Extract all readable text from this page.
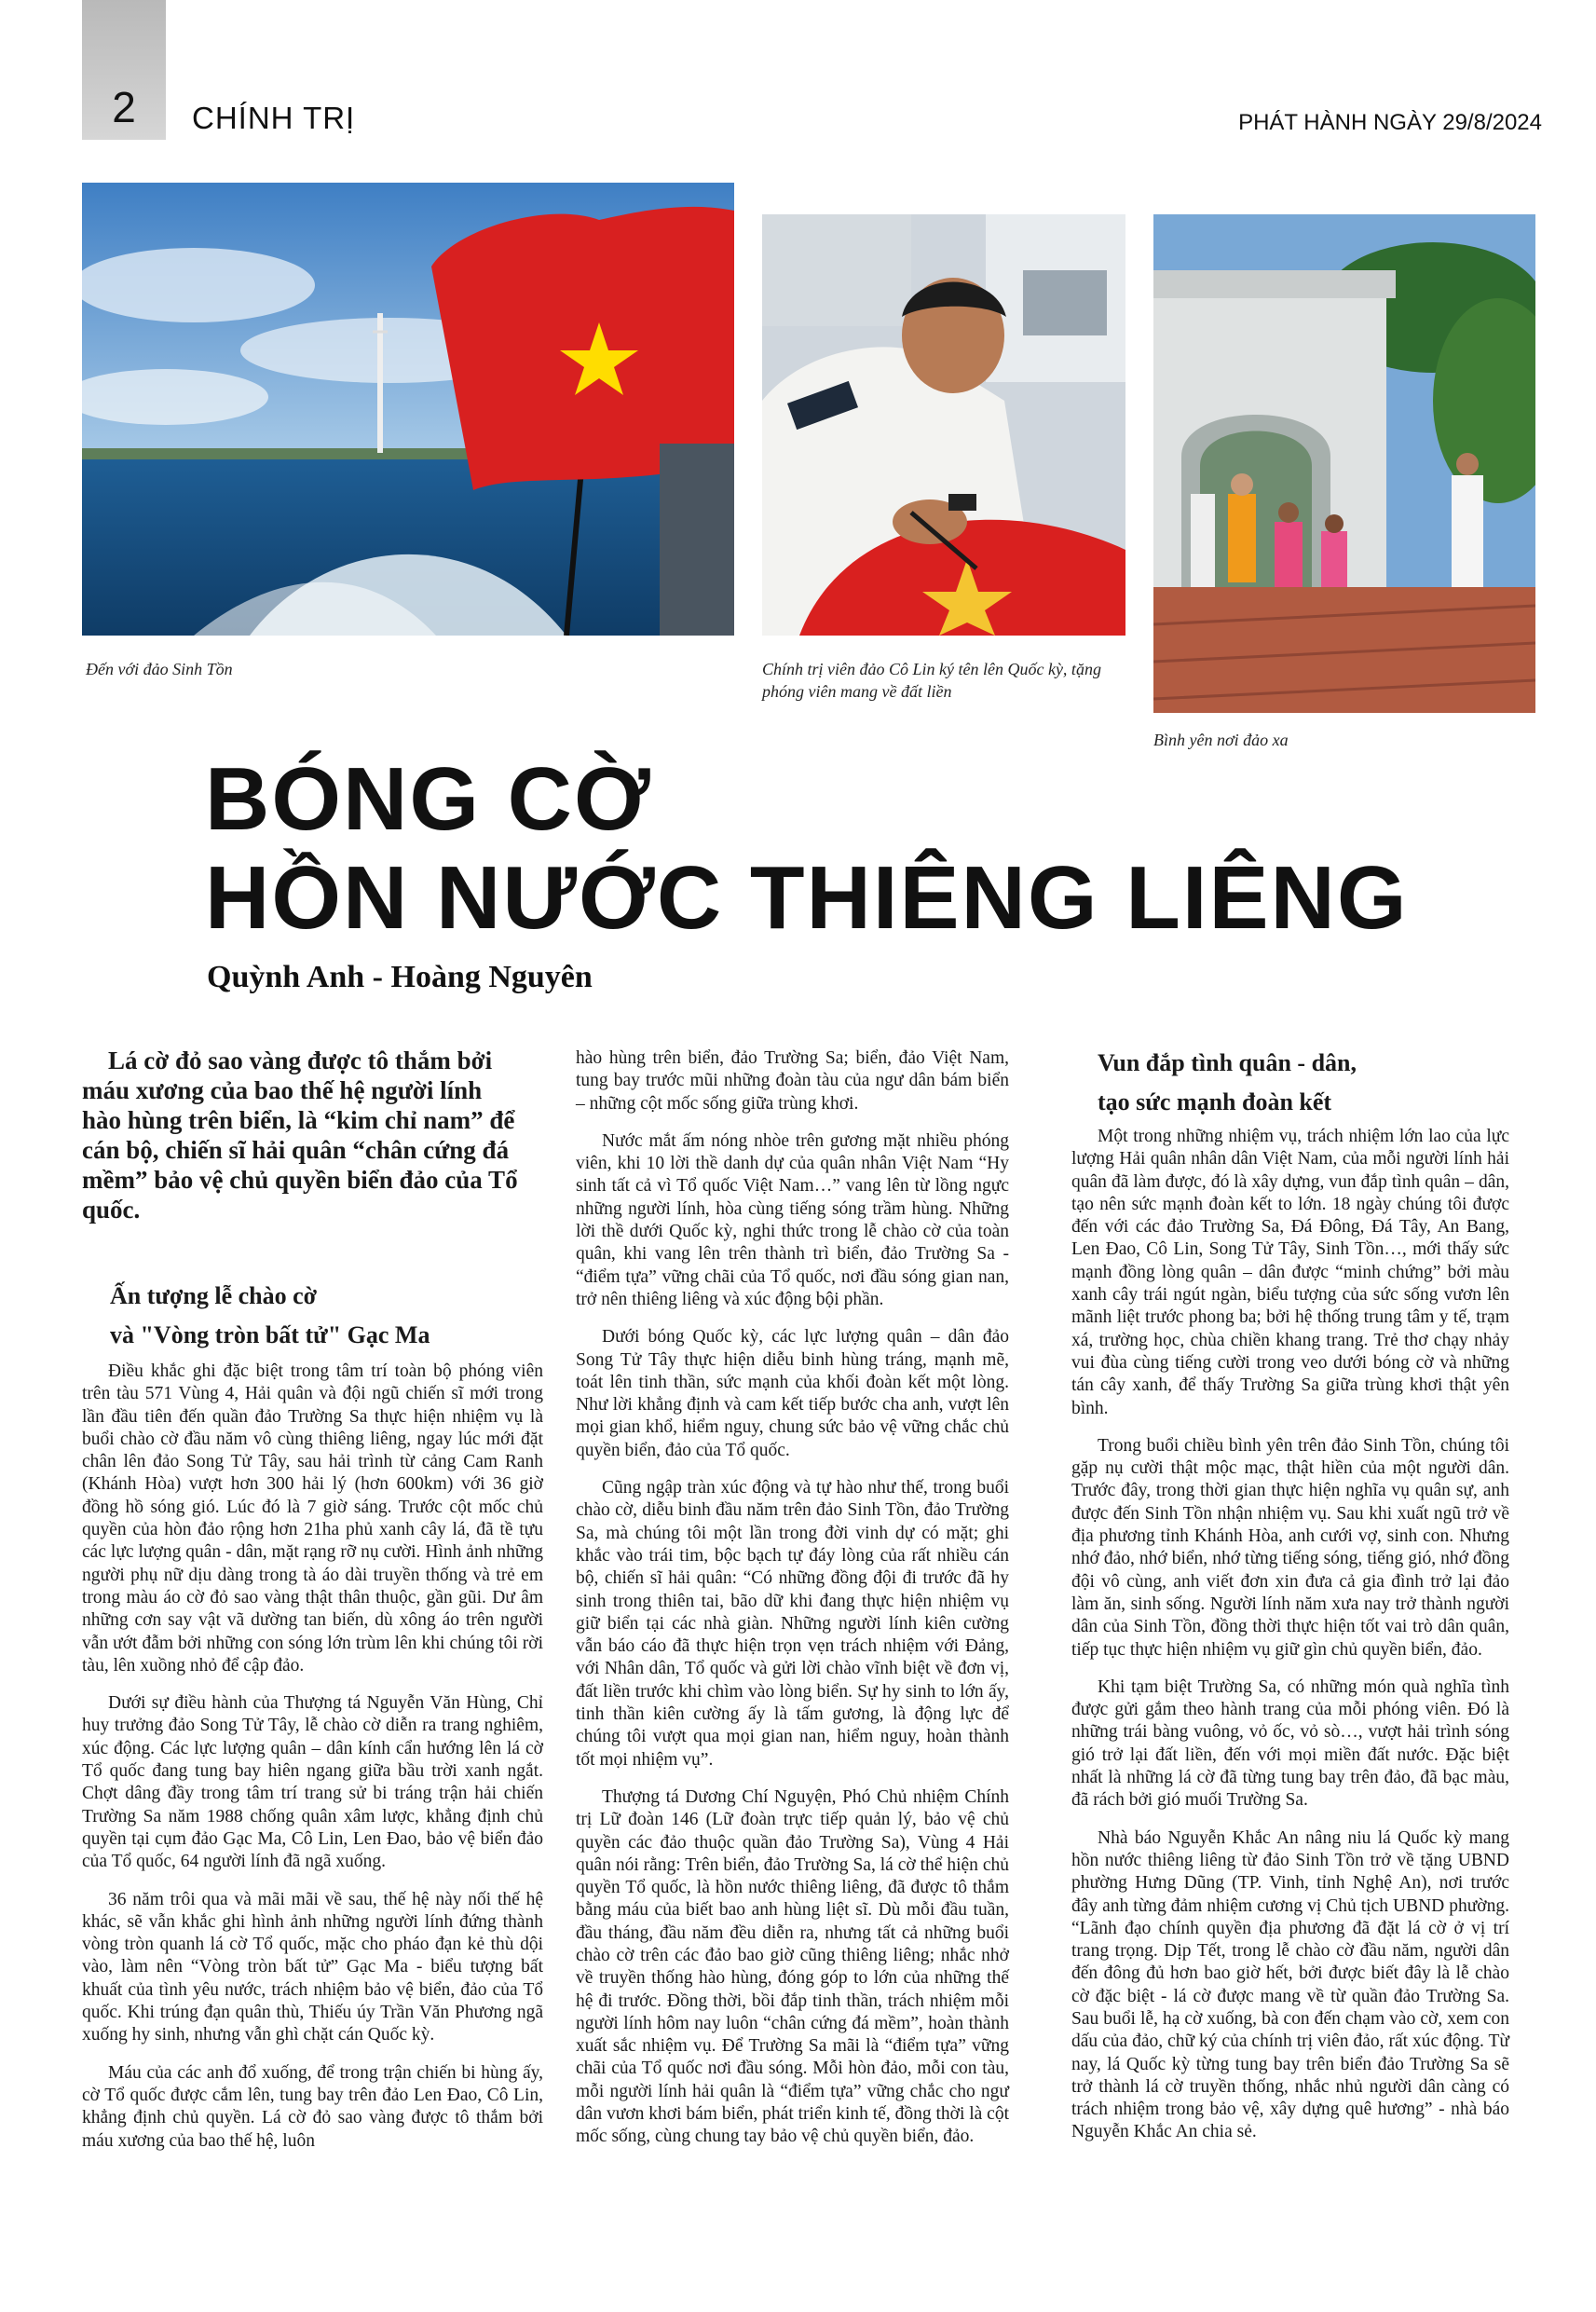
2	CHÍNH TRỊ	PHÁT HÀNH NGÀY 29/8/2024
Đến với đảo Sinh Tồn	Chính trị viên đảo Cô Lin ký tên lên Quốc kỳ, tặng phóng viên mang về đất liền
Bình yên nơi đảo xa
BÓNG CỜ
HỒN NƯỚC THIÊNG LIÊNG
Quỳnh Anh - Hoàng Nguyên

Lá cờ đỏ sao vàng được tô thắm bởi máu xương của bao thế hệ người lính hào hùng trên biển, là “kim chỉ nam” để cán bộ, chiến sĩ hải quân “chân cứng đá mềm” bảo vệ chủ quyền biển đảo của Tổ quốc.

Ấn tượng lễ chào cờ
và "Vòng tròn bất tử" Gạc Ma

Điều khắc ghi đặc biệt trong tâm trí toàn bộ phóng viên trên tàu 571 Vùng 4, Hải quân và đội ngũ chiến sĩ mới trong lần đầu tiên đến quần đảo Trường Sa thực hiện nhiệm vụ là buổi chào cờ đầu năm vô cùng thiêng liêng, ngay lúc mới đặt chân lên đảo Song Tử Tây, sau hải trình từ cảng Cam Ranh (Khánh Hòa) vượt hơn 300 hải lý (hơn 600km) với 36 giờ đồng hồ sóng gió. Lúc đó là 7 giờ sáng. Trước cột mốc chủ quyền của hòn đảo rộng hơn 21ha phủ xanh cây lá, đã tề tựu các lực lượng quân - dân, mặt rạng rỡ nụ cười. Hình ảnh những người phụ nữ dịu dàng trong tà áo dài truyền thống và trẻ em trong màu áo cờ đỏ sao vàng thật thân thuộc, gần gũi. Dư âm những cơn say vật vã dường tan biến, dù xông áo trên người vẫn ướt đẫm bởi những con sóng lớn trùm lên khi chúng tôi rời tàu, lên xuồng nhỏ để cập đảo.

Dưới sự điều hành của Thượng tá Nguyễn Văn Hùng, Chỉ huy trưởng đảo Song Tử Tây, lễ chào cờ diễn ra trang nghiêm, xúc động. Các lực lượng quân – dân kính cẩn hướng lên lá cờ Tổ quốc đang tung bay hiên ngang giữa bầu trời xanh ngắt. Chợt dâng đầy trong tâm trí trang sử bi tráng trận hải chiến Trường Sa năm 1988 chống quân xâm lược, khẳng định chủ quyền tại cụm đảo Gạc Ma, Cô Lin, Len Đao, bảo vệ biển đảo của Tổ quốc, 64 người lính đã ngã xuống.

36 năm trôi qua và mãi mãi về sau, thế hệ này nối thế hệ khác, sẽ vẫn khắc ghi hình ảnh những người lính đứng thành vòng tròn quanh lá cờ Tổ quốc, mặc cho pháo đạn kẻ thù dội vào, làm nên “Vòng tròn bất tử” Gạc Ma - biểu tượng bất khuất của tình yêu nước, trách nhiệm bảo vệ biển, đảo của Tổ quốc. Khi trúng đạn quân thù, Thiếu úy Trần Văn Phương ngã xuống hy sinh, nhưng vẫn ghì chặt cán Quốc kỳ.

Máu của các anh đổ xuống, để trong trận chiến bi hùng ấy, cờ Tổ quốc được cắm lên, tung bay trên đảo Len Đao, Cô Lin, khẳng định chủ quyền. Lá cờ đỏ sao vàng được tô thắm bởi máu xương của bao thế hệ, luôn

hào hùng trên biển, đảo Trường Sa; biển, đảo Việt Nam, tung bay trước mũi những đoàn tàu của ngư dân bám biển – những cột mốc sống giữa trùng khơi.

Nước mắt ấm nóng nhòe trên gương mặt nhiều phóng viên, khi 10 lời thề danh dự của quân nhân Việt Nam “Hy sinh tất cả vì Tổ quốc Việt Nam…” vang lên từ lồng ngực những người lính, hòa cùng tiếng sóng trầm hùng. Những lời thề dưới Quốc kỳ, nghi thức trong lễ chào cờ của toàn quân, khi vang lên trên thành trì biển, đảo Trường Sa - “điểm tựa” vững chãi của Tổ quốc, nơi đầu sóng gian nan, trở nên thiêng liêng và xúc động bội phần.

Dưới bóng Quốc kỳ, các lực lượng quân – dân đảo Song Tử Tây thực hiện diễu binh hùng tráng, mạnh mẽ, toát lên tinh thần, sức mạnh của khối đoàn kết một lòng. Như lời khẳng định và cam kết tiếp bước cha anh, vượt lên mọi gian khổ, hiểm nguy, chung sức bảo vệ vững chắc chủ quyền biển, đảo của Tổ quốc.

Cũng ngập tràn xúc động và tự hào như thế, trong buổi chào cờ, diễu binh đầu năm trên đảo Sinh Tồn, đảo Trường Sa, mà chúng tôi một lần trong đời vinh dự có mặt; ghi khắc vào trái tim, bộc bạch tự đáy lòng của rất nhiều cán bộ, chiến sĩ hải quân: “Có những đồng đội đi trước đã hy sinh trong thiên tai, bão dữ khi đang thực hiện nhiệm vụ giữ biển tại các nhà giàn. Những người lính kiên cường vẫn báo cáo đã thực hiện trọn vẹn trách nhiệm với Đảng, với Nhân dân, Tổ quốc và gửi lời chào vĩnh biệt về đơn vị, đất liền trước khi chìm vào lòng biển. Sự hy sinh to lớn ấy, tinh thần kiên cường ấy là tấm gương, là động lực để chúng tôi vượt qua mọi gian nan, hiểm nguy, hoàn thành tốt mọi nhiệm vụ”.

Thượng tá Dương Chí Nguyện, Phó Chủ nhiệm Chính trị Lữ đoàn 146 (Lữ đoàn trực tiếp quản lý, bảo vệ chủ quyền các đảo thuộc quần đảo Trường Sa), Vùng 4 Hải quân nói rằng: Trên biển, đảo Trường Sa, lá cờ thể hiện chủ quyền Tổ quốc, là hồn nước thiêng liêng, đã được tô thắm bằng máu của biết bao anh hùng liệt sĩ. Dù mỗi đầu tuần, đầu tháng, đầu năm đều diễn ra, nhưng tất cả những buổi chào cờ trên các đảo bao giờ cũng thiêng liêng; nhắc nhở về truyền thống hào hùng, đóng góp to lớn của những thế hệ đi trước. Đồng thời, bồi đắp tinh thần, trách nhiệm mỗi người lính hôm nay luôn “chân cứng đá mềm”, hoàn thành xuất sắc nhiệm vụ. Để Trường Sa mãi là “điểm tựa” vững chãi của Tổ quốc nơi đầu sóng. Mỗi hòn đảo, mỗi con tàu, mỗi người lính hải quân là “điểm tựa” vững chắc cho ngư dân vươn khơi bám biển, phát triển kinh tế, đồng thời là cột mốc sống, cùng chung tay bảo vệ chủ quyền biển, đảo.

Vun đắp tình quân - dân,
tạo sức mạnh đoàn kết

Một trong những nhiệm vụ, trách nhiệm lớn lao của lực lượng Hải quân nhân dân Việt Nam, của mỗi người lính hải quân đã làm được, đó là xây dựng, vun đắp tình quân – dân, tạo nên sức mạnh đoàn kết to lớn. 18 ngày chúng tôi được đến với các đảo Trường Sa, Đá Đông, Đá Tây, An Bang, Len Đao, Cô Lin, Song Tử Tây, Sinh Tồn…, mới thấy sức mạnh đồng lòng quân – dân được “minh chứng” bởi màu xanh cây trái ngút ngàn, biểu tượng của sức sống vươn lên mãnh liệt trước phong ba; bởi hệ thống trung tâm y tế, trạm xá, trường học, chùa chiền khang trang. Trẻ thơ chạy nhảy vui đùa cùng tiếng cười trong veo dưới bóng cờ và những tán cây xanh, để thấy Trường Sa giữa trùng khơi thật yên bình.

Trong buổi chiều bình yên trên đảo Sinh Tồn, chúng tôi gặp nụ cười thật mộc mạc, thật hiền của một người dân. Trước đây, trong thời gian thực hiện nghĩa vụ quân sự, anh được đến Sinh Tồn nhận nhiệm vụ. Sau khi xuất ngũ trở về địa phương tỉnh Khánh Hòa, anh cưới vợ, sinh con. Nhưng nhớ đảo, nhớ biển, nhớ từng tiếng sóng, tiếng gió, nhớ đồng đội vô cùng, anh viết đơn xin đưa cả gia đình trở lại đảo làm ăn, sinh sống. Người lính năm xưa nay trở thành người dân của Sinh Tồn, đồng thời thực hiện tốt vai trò dân quân, tiếp tục thực hiện nhiệm vụ giữ gìn chủ quyền biển, đảo.

Khi tạm biệt Trường Sa, có những món quà nghĩa tình được gửi gắm theo hành trang của mỗi phóng viên. Đó là những trái bàng vuông, vỏ ốc, vỏ sò…, vượt hải trình sóng gió trở lại đất liền, đến với mọi miền đất nước. Đặc biệt nhất là những lá cờ đã từng tung bay trên đảo, đã bạc màu, đã rách bởi gió muối Trường Sa.

Nhà báo Nguyễn Khắc An nâng niu lá Quốc kỳ mang hồn nước thiêng liêng từ đảo Sinh Tồn trở về tặng UBND phường Hưng Dũng (TP. Vinh, tỉnh Nghệ An), nơi trước đây anh từng đảm nhiệm cương vị Chủ tịch UBND phường. “Lãnh đạo chính quyền địa phương đã đặt lá cờ ở vị trí trang trọng. Dịp Tết, trong lễ chào cờ đầu năm, người dân đến đông đủ hơn bao giờ hết, bởi được biết đây là lễ chào cờ đặc biệt - lá cờ được mang về từ quần đảo Trường Sa. Sau buổi lễ, hạ cờ xuống, bà con đến chạm vào cờ, xem con dấu của đảo, chữ ký của chính trị viên đảo, rất xúc động. Từ nay, lá Quốc kỳ từng tung bay trên biển đảo Trường Sa sẽ trở thành lá cờ truyền thống, nhắc nhủ người dân càng có trách nhiệm trong bảo vệ, xây dựng quê hương” - nhà báo Nguyễn Khắc An chia sẻ.
